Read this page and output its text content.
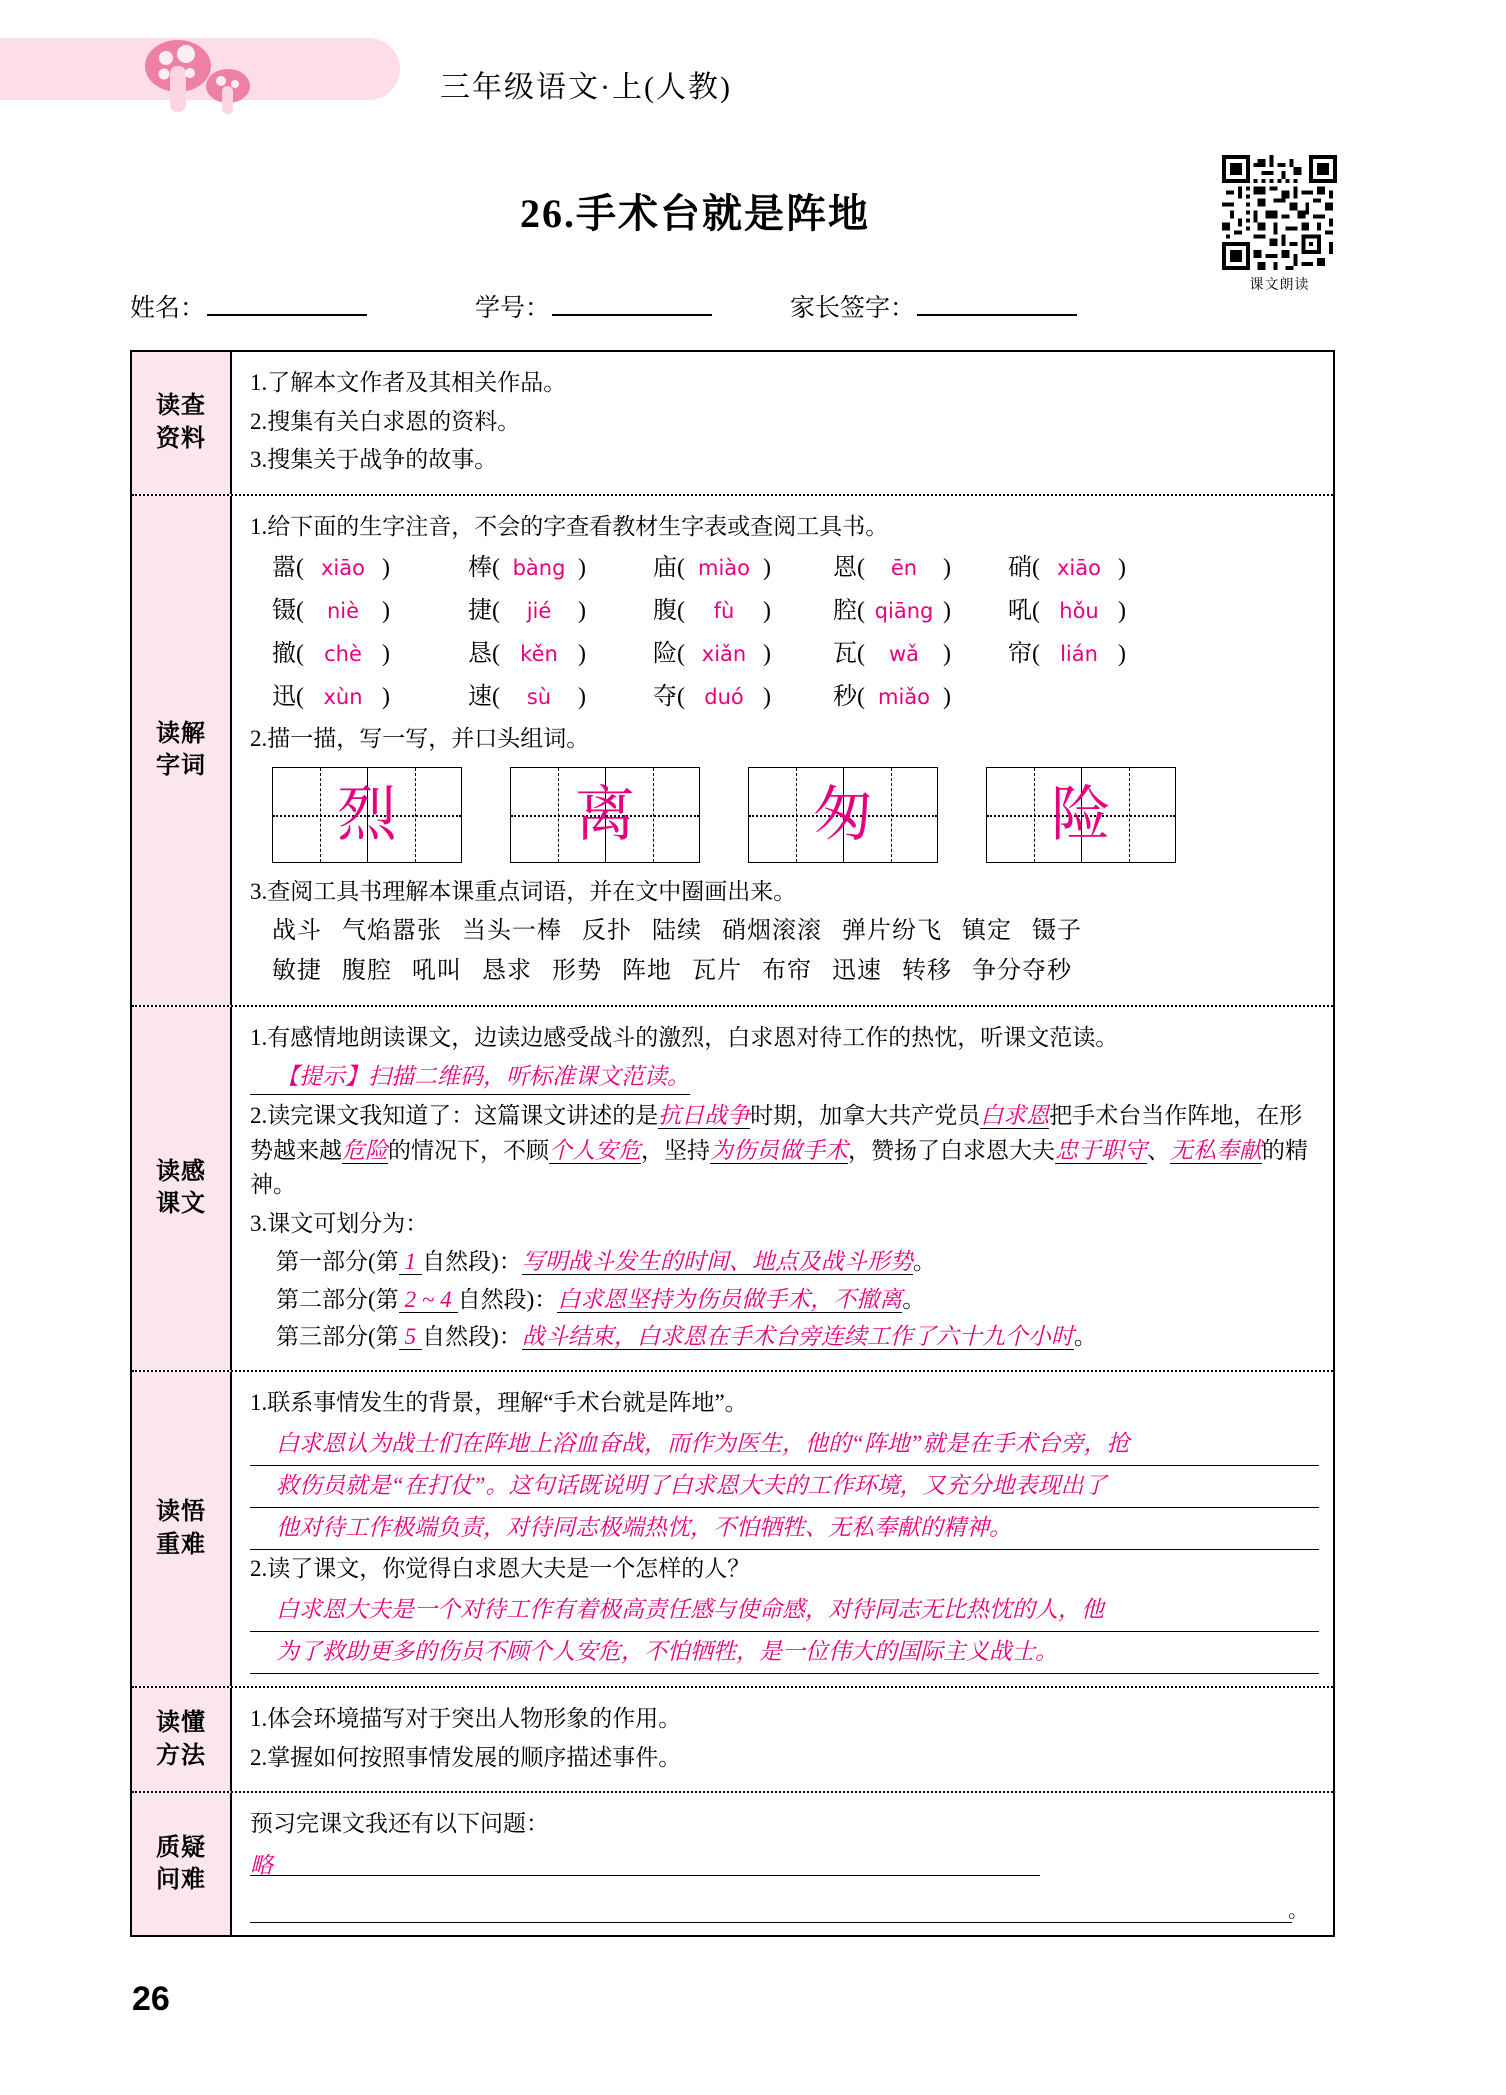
三年级语文·上(人教)
26.手术台就是阵地
课文朗读
姓名：	学号：	家长签字：
读查
资料
1.了解本文作者及其相关作品。
2.搜集有关白求恩的资料。
3.搜集关于战争的故事。
读解
字词
1.给下面的生字注音，不会的字查看教材生字表或查阅工具书。
嚣 ( xiāo )	棒 ( bàng )	庙 ( miào )	恩 (	ēn	) 硝 ( xiāo )
镊 (	niè )	捷 (	jié	)	腹 (	fù	)	腔 ( qiāng ) 吼 ( hǒu )
撤 ( chè )	恳 ( kěn )	险 ( xiǎn )	瓦 (	wǎ ) 帘 ( lián )
迅 ( xùn )	速 (	sù	)	夺 ( duó )	秒 ( miǎo )
2.描一描，写一写，并口头组词。
烈	离	匆	险
3.查阅工具书理解本课重点词语，并在文中圈画出来。
战斗 气焰嚣张 当头一棒 反扑 陆续 硝烟滚滚 弹片纷飞 镇定 镊子
敏捷 腹腔 吼叫 恳求 形势 阵地 瓦片 布帘 迅速 转移 争分夺秒
读感
课文
1.有感情地朗读课文，边读边感受战斗的激烈，白求恩对待工作的热忱，听课文范读。
【提示】扫描二维码，听标准课文范读。
2.读完课文我知道了：这篇课文讲述的是抗日战争时期，加拿大共产党员白求恩把手术台当作阵地，在形势越来越危险的情况下，不顾个人安危，坚持为伤员做手术，赞扬了白求恩大夫忠于职守、无私奉献的精神。
3.课文可划分为：
第一部分(第 1 自然段)：写明战斗发生的时间、地点及战斗形势。
第二部分(第 2 ~ 4 自然段)：白求恩坚持为伤员做手术，不撤离。
第三部分(第 5 自然段)：战斗结束，白求恩在手术台旁连续工作了六十九个小时。
读悟
重难
1.联系事情发生的背景，理解“手术台就是阵地”。
白求恩认为战士们在阵地上浴血奋战，而作为医生，他的“阵地”就是在手术台旁，抢
救伤员就是“在打仗”。这句话既说明了白求恩大夫的工作环境，又充分地表现出了
他对待工作极端负责，对待同志极端热忱，不怕牺牲、无私奉献的精神。
2.读了课文，你觉得白求恩大夫是一个怎样的人？
白求恩大夫是一个对待工作有着极高责任感与使命感，对待同志无比热忱的人，他
为了救助更多的伤员不顾个人安危，不怕牺牲，是一位伟大的国际主义战士。
读懂
方法
1.体会环境描写对于突出人物形象的作用。
2.掌握如何按照事情发展的顺序描述事件。
质疑
问难
预习完课文我还有以下问题：略
。
26
